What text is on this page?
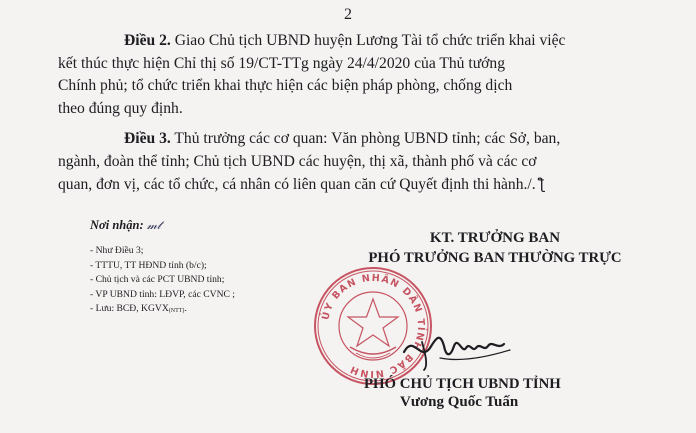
2
Điều 2. Giao Chủ tịch UBND huyện Lương Tài tổ chức triển khai việc
kết thúc thực hiện Chỉ thị số 19/CT-TTg ngày 24/4/2020 của Thủ tướng
Chính phủ; tổ chức triển khai thực hiện các biện pháp phòng, chống dịch
theo đúng quy định.
Điều 3. Thủ trưởng các cơ quan: Văn phòng UBND tỉnh; các Sở, ban,
ngành, đoàn thể tỉnh; Chủ tịch UBND các huyện, thị xã, thành phố và các cơ
quan, đơn vị, các tổ chức, cá nhân có liên quan căn cứ Quyết định thi hành./. ƪ
Nơi nhận: 𝓂𝓉
- Như Điều 3;
- TTTU, TT HĐND tỉnh (b/c);
- Chủ tịch và các PCT UBND tỉnh;
- VP UBND tỉnh: LĐVP, các CVNC ;
- Lưu: BCĐ, $KGVX_{(NTT)}$.
KT. TRƯỞNG BAN
PHÓ TRƯỞNG BAN THƯỜNG TRỰC
ỦY BAN NHÂN DÂN TỈNH BẮC NINH
PHÓ CHỦ TỊCH UBND TỈNH
Vương Quốc Tuấn
